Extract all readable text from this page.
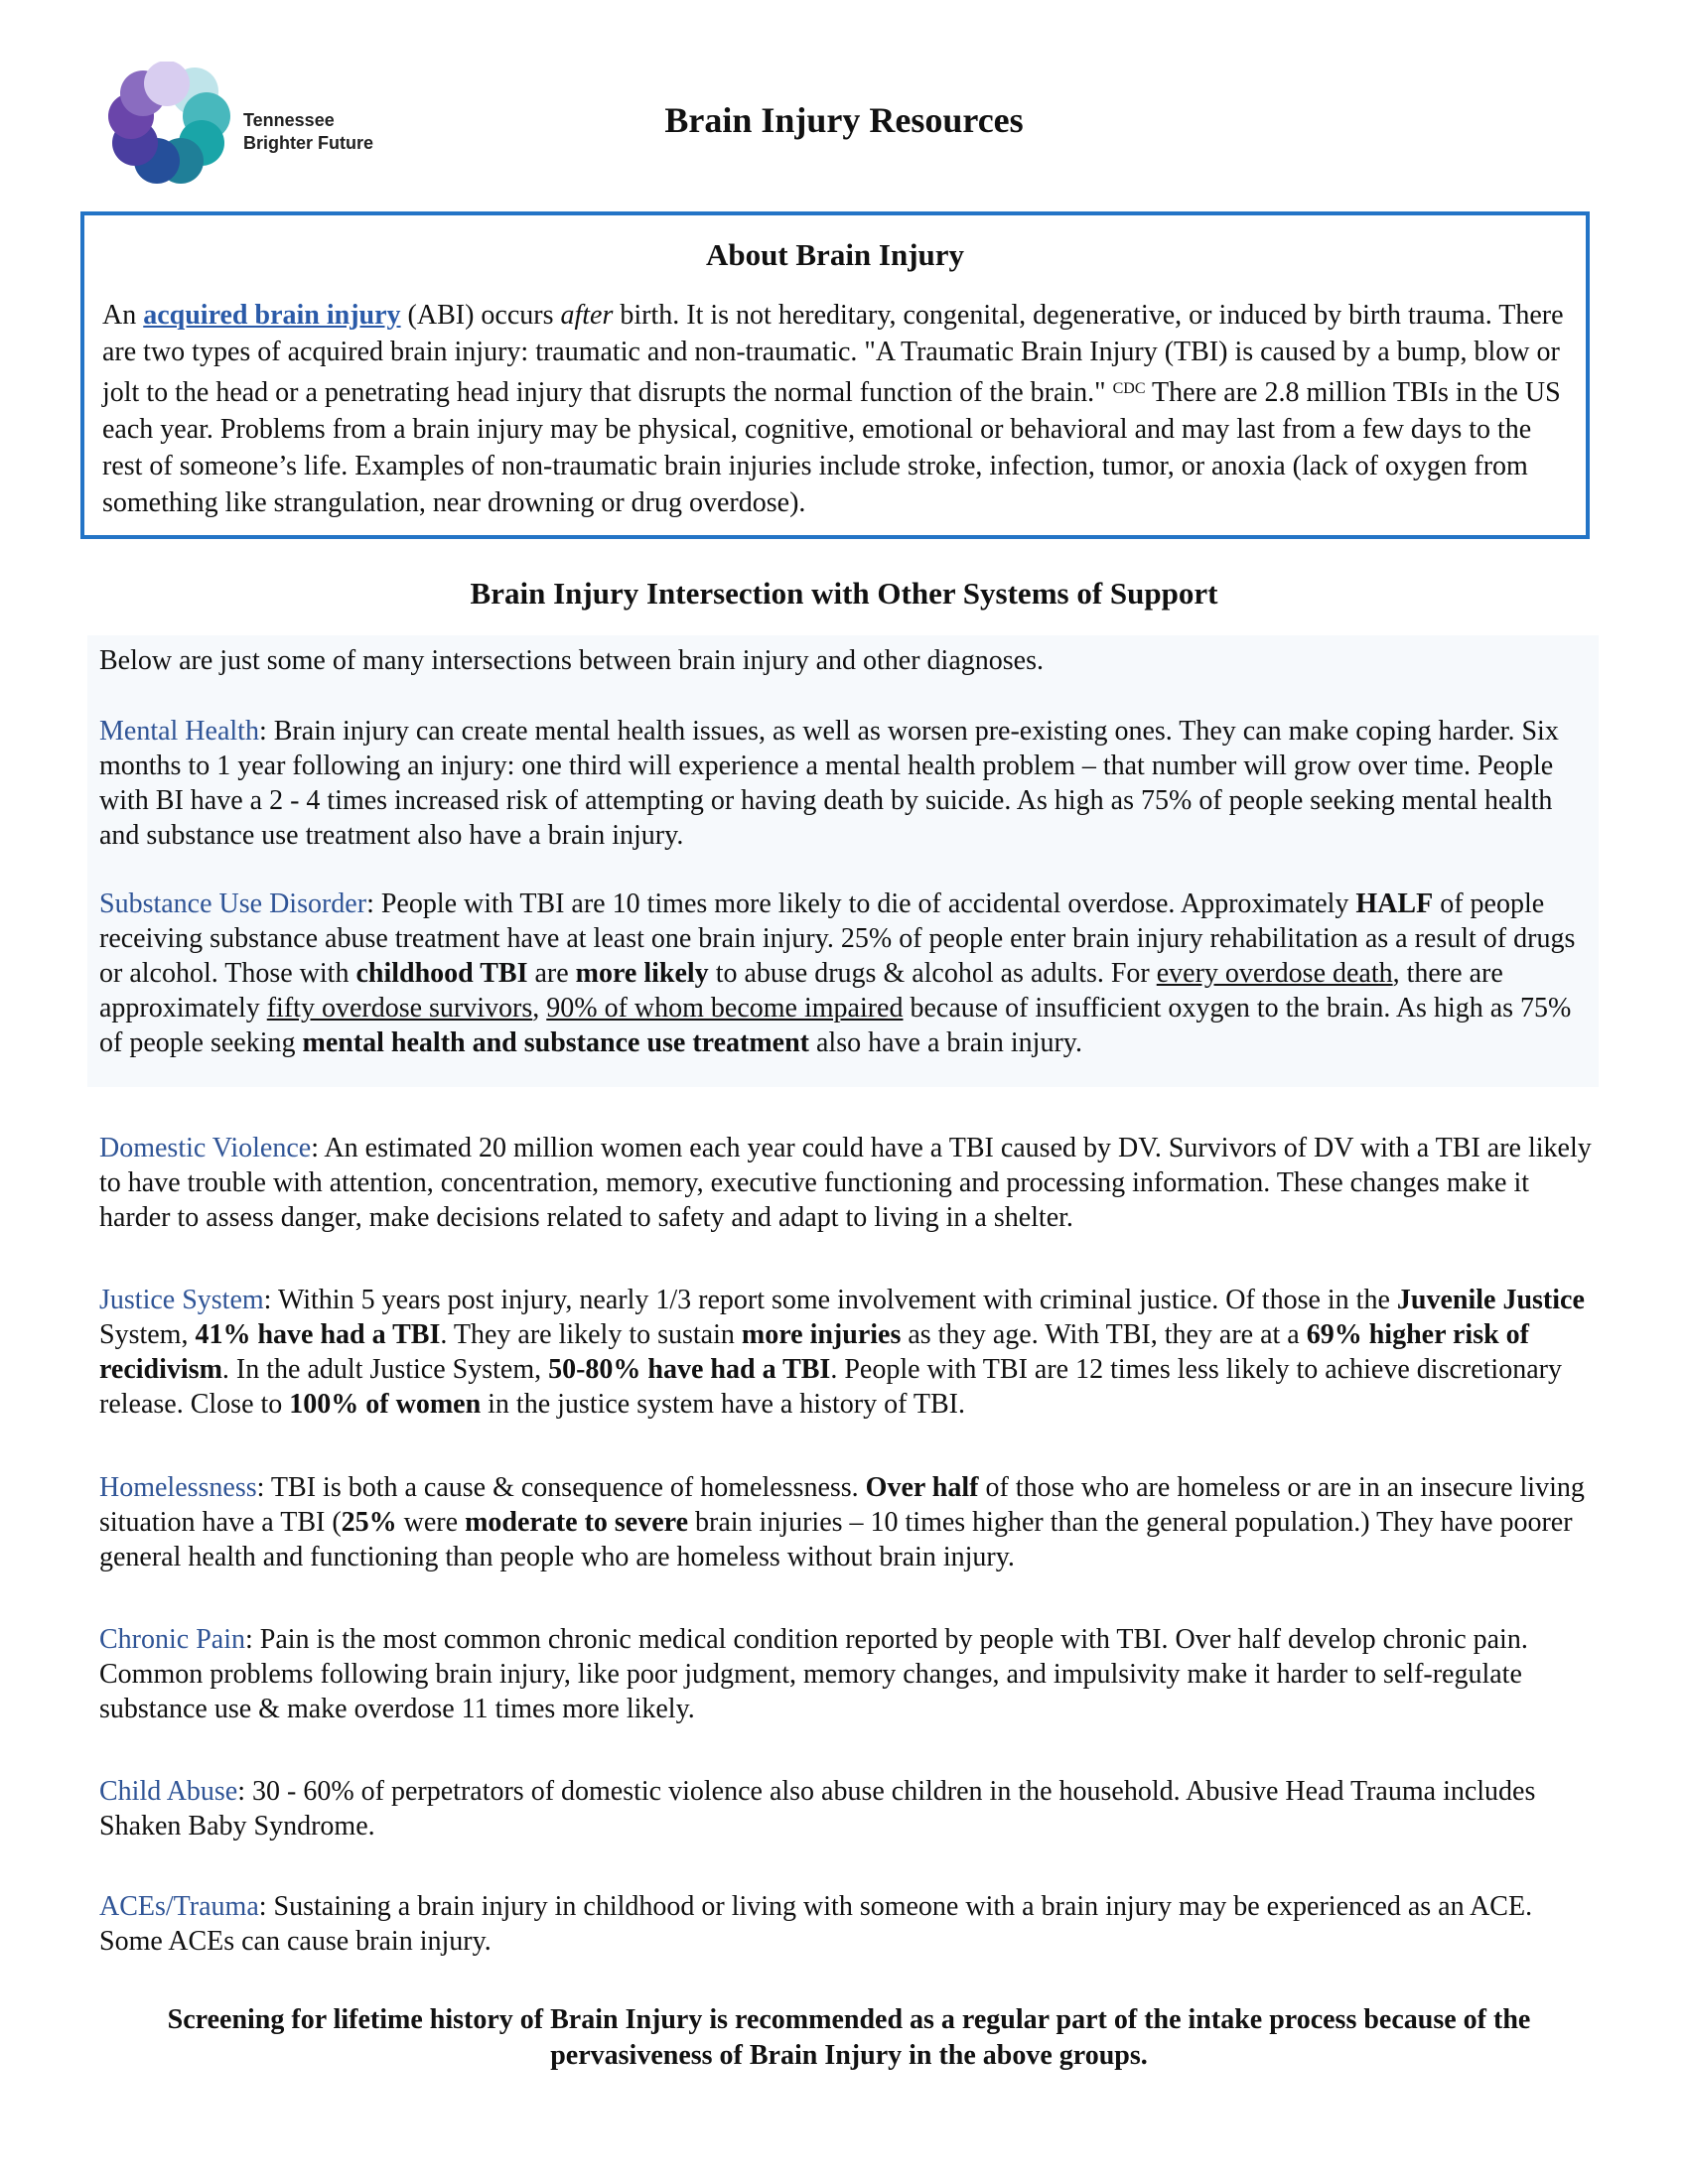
Tennessee
Brighter Future
Brain Injury Resources
About Brain Injury
An acquired brain injury (ABI) occurs after birth. It is not hereditary, congenital, degenerative, or induced by birth trauma. There are two types of acquired brain injury: traumatic and non-traumatic. "A Traumatic Brain Injury (TBI) is caused by a bump, blow or jolt to the head or a penetrating head injury that disrupts the normal function of the brain." $^{CDC}$ There are 2.8 million TBIs in the US each year. Problems from a brain injury may be physical, cognitive, emotional or behavioral and may last from a few days to the rest of someone’s life. Examples of non-traumatic brain injuries include stroke, infection, tumor, or anoxia (lack of oxygen from something like strangulation, near drowning or drug overdose).
Brain Injury Intersection with Other Systems of Support
Below are just some of many intersections between brain injury and other diagnoses.
Mental Health: Brain injury can create mental health issues, as well as worsen pre-existing ones. They can make coping harder. Six months to 1 year following an injury: one third will experience a mental health problem – that number will grow over time. People with BI have a 2 - 4 times increased risk of attempting or having death by suicide. As high as 75% of people seeking mental health and substance use treatment also have a brain injury.
Substance Use Disorder: People with TBI are 10 times more likely to die of accidental overdose. Approximately HALF of people receiving substance abuse treatment have at least one brain injury. 25% of people enter brain injury rehabilitation as a result of drugs or alcohol. Those with childhood TBI are more likely to abuse drugs & alcohol as adults. For every overdose death, there are approximately fifty overdose survivors, 90% of whom become impaired because of insufficient oxygen to the brain. As high as 75% of people seeking mental health and substance use treatment also have a brain injury.
Domestic Violence: An estimated 20 million women each year could have a TBI caused by DV. Survivors of DV with a TBI are likely to have trouble with attention, concentration, memory, executive functioning and processing information. These changes make it harder to assess danger, make decisions related to safety and adapt to living in a shelter.
Justice System: Within 5 years post injury, nearly 1/3 report some involvement with criminal justice. Of those in the Juvenile Justice System, 41% have had a TBI. They are likely to sustain more injuries as they age. With TBI, they are at a 69% higher risk of recidivism. In the adult Justice System, 50-80% have had a TBI. People with TBI are 12 times less likely to achieve discretionary release. Close to 100% of women in the justice system have a history of TBI.
Homelessness: TBI is both a cause & consequence of homelessness. Over half of those who are homeless or are in an insecure living situation have a TBI (25% were moderate to severe brain injuries – 10 times higher than the general population.) They have poorer general health and functioning than people who are homeless without brain injury.
Chronic Pain: Pain is the most common chronic medical condition reported by people with TBI. Over half develop chronic pain. Common problems following brain injury, like poor judgment, memory changes, and impulsivity make it harder to self-regulate substance use & make overdose 11 times more likely.
Child Abuse: 30 - 60% of perpetrators of domestic violence also abuse children in the household. Abusive Head Trauma includes Shaken Baby Syndrome.
ACEs/Trauma: Sustaining a brain injury in childhood or living with someone with a brain injury may be experienced as an ACE. Some ACEs can cause brain injury.
Screening for lifetime history of Brain Injury is recommended as a regular part of the intake process because of the pervasiveness of Brain Injury in the above groups.
